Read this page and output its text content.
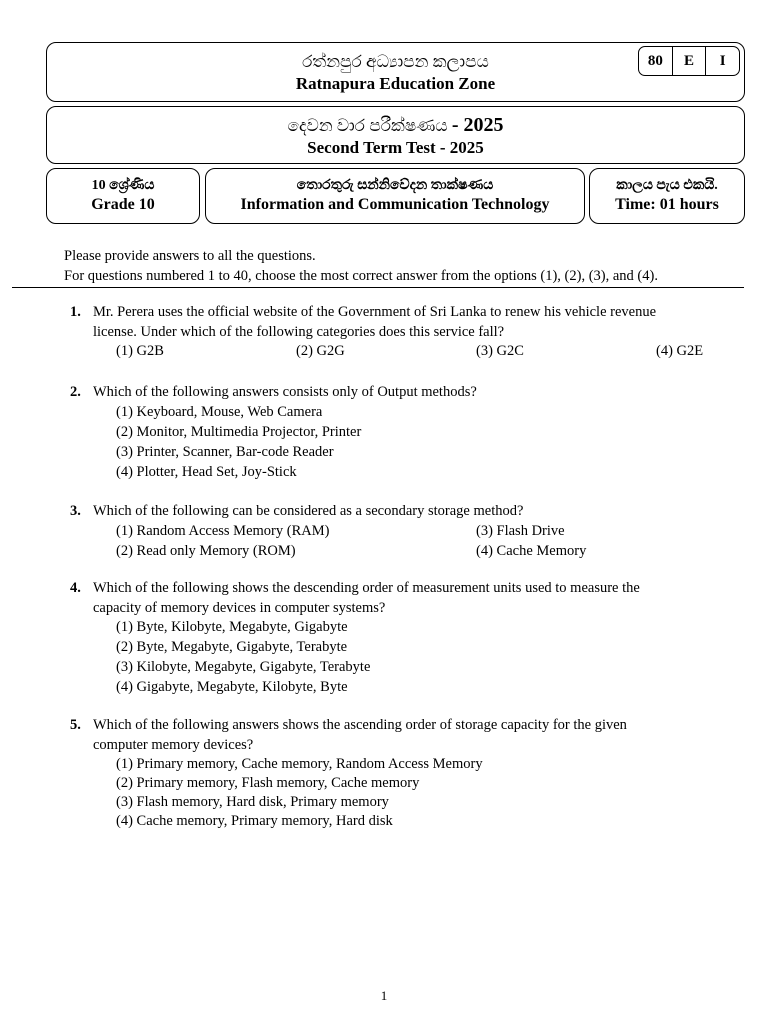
රත්නපුර අධ්‍යාපන කලාපය
Ratnapura Education Zone
80	E	I
දෙවන වාර පරීක්ෂණය - 2025
Second Term Test - 2025
10 ශ්‍රේණිය
Grade 10
තොරතුරු සන්නිවේදන තාක්ෂණය
Information and Communication Technology
කාලය පැය එකයි.
Time: 01 hours
Please provide answers to all the questions.
For questions numbered 1 to 40, choose the most correct answer from the options (1), (2), (3), and (4).
1. Mr. Perera uses the official website of the Government of Sri Lanka to renew his vehicle revenue
license. Under which of the following categories does this service fall?
(1) G2B	(2) G2G	(3) G2C	(4) G2E
2. Which of the following answers consists only of Output methods?
(1) Keyboard, Mouse, Web Camera
(2) Monitor, Multimedia Projector, Printer
(3) Printer, Scanner, Bar-code Reader
(4) Plotter, Head Set, Joy-Stick
3. Which of the following can be considered as a secondary storage method?
(1) Random Access Memory (RAM)	(3) Flash Drive
(2) Read only Memory (ROM)	(4) Cache Memory
4. Which of the following shows the descending order of measurement units used to measure the
capacity of memory devices in computer systems?
(1) Byte, Kilobyte, Megabyte, Gigabyte
(2) Byte, Megabyte, Gigabyte, Terabyte
(3) Kilobyte, Megabyte, Gigabyte, Terabyte
(4) Gigabyte, Megabyte, Kilobyte, Byte
5. Which of the following answers shows the ascending order of storage capacity for the given
computer memory devices?
(1) Primary memory, Cache memory, Random Access Memory
(2) Primary memory, Flash memory, Cache memory
(3) Flash memory, Hard disk, Primary memory
(4) Cache memory, Primary memory, Hard disk
1
